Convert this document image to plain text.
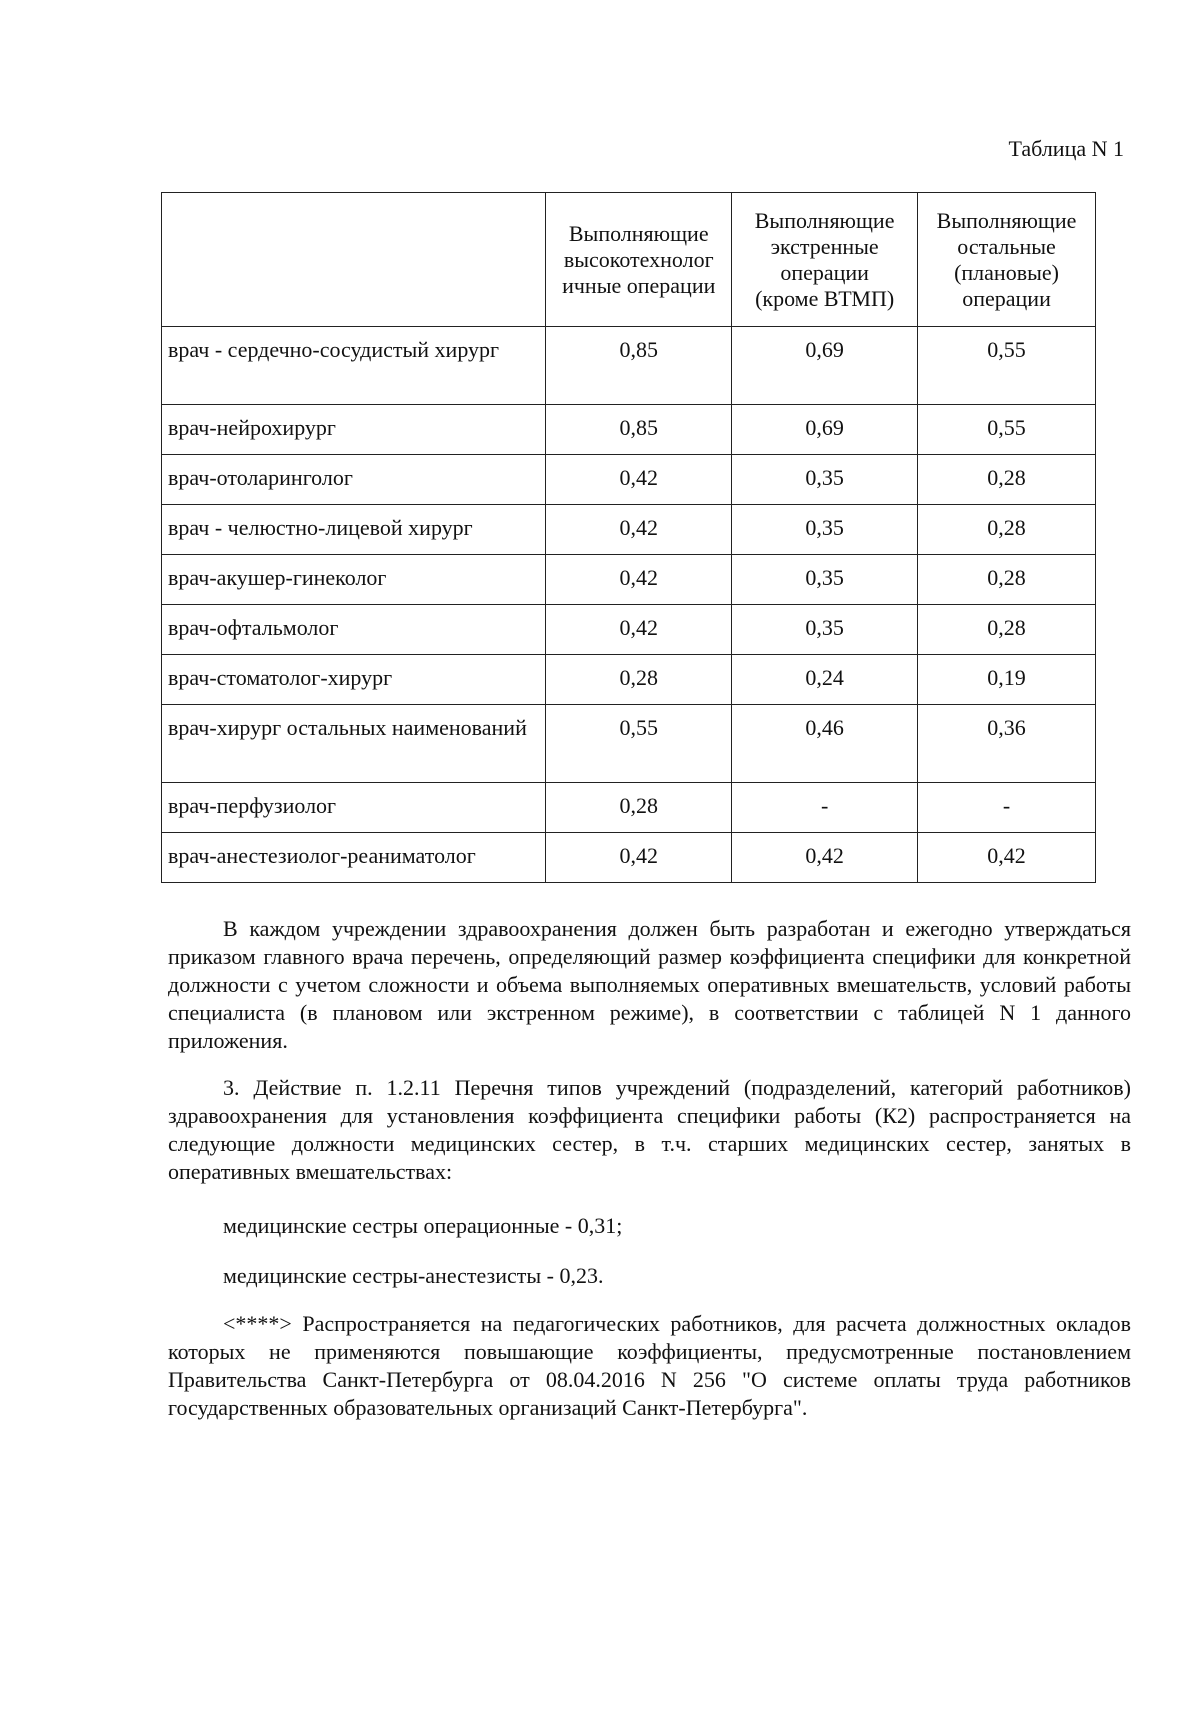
Таблица N 1
	Выполняющие
высокотехнолог
ичные операции	Выполняющие
экстренные
операции
(кроме ВТМП)	Выполняющие
остальные
(плановые)
операции
врач - сердечно-сосудистый хирург	0,85	0,69	0,55
врач-нейрохирург	0,85	0,69	0,55
врач-отоларинголог	0,42	0,35	0,28
врач - челюстно-лицевой хирург	0,42	0,35	0,28
врач-акушер-гинеколог	0,42	0,35	0,28
врач-офтальмолог	0,42	0,35	0,28
врач-стоматолог-хирург	0,28	0,24	0,19
врач-хирург остальных наименований	0,55	0,46	0,36
врач-перфузиолог	0,28	-	-
врач-анестезиолог-реаниматолог	0,42	0,42	0,42

В каждом учреждении здравоохранения должен быть разработан и ежегодно утверждаться приказом главного врача перечень, определяющий размер коэффициента специфики для конкретной должности с учетом сложности и объема выполняемых оперативных вмешательств, условий работы специалиста (в плановом или экстренном режиме), в соответствии с таблицей N 1 данного приложения.

3. Действие п. 1.2.11 Перечня типов учреждений (подразделений, категорий работников) здравоохранения для установления коэффициента специфики работы (К2) распространяется на следующие должности медицинских сестер, в т.ч. старших медицинских сестер, занятых в оперативных вмешательствах:

медицинские сестры операционные - 0,31;

медицинские сестры-анестезисты - 0,23.

<****> Распространяется на педагогических работников, для расчета должностных окладов которых не применяются повышающие коэффициенты, предусмотренные постановлением Правительства Санкт-Петербурга от 08.04.2016 N 256 "О системе оплаты труда работников государственных образовательных организаций Санкт-Петербурга".
